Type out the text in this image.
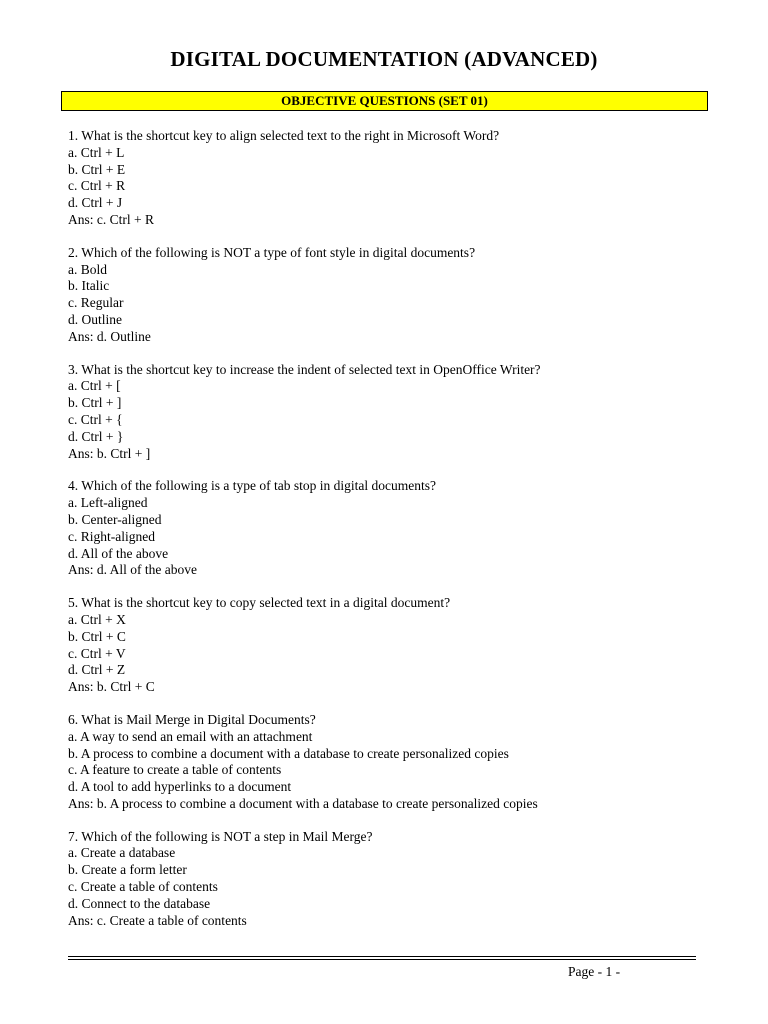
DIGITAL DOCUMENTATION (ADVANCED)
OBJECTIVE QUESTIONS (SET 01)
1. What is the shortcut key to align selected text to the right in Microsoft Word?
a. Ctrl + L
b. Ctrl + E
c. Ctrl + R
d. Ctrl + J
Ans: c. Ctrl + R
2. Which of the following is NOT a type of font style in digital documents?
a. Bold
b. Italic
c. Regular
d. Outline
Ans: d. Outline
3. What is the shortcut key to increase the indent of selected text in OpenOffice Writer?
a. Ctrl + [
b. Ctrl + ]
c. Ctrl + {
d. Ctrl + }
Ans: b. Ctrl + ]
4. Which of the following is a type of tab stop in digital documents?
a. Left-aligned
b. Center-aligned
c. Right-aligned
d. All of the above
Ans: d. All of the above
5. What is the shortcut key to copy selected text in a digital document?
a. Ctrl + X
b. Ctrl + C
c. Ctrl + V
d. Ctrl + Z
Ans: b. Ctrl + C
6. What is Mail Merge in Digital Documents?
a. A way to send an email with an attachment
b. A process to combine a document with a database to create personalized copies
c. A feature to create a table of contents
d. A tool to add hyperlinks to a document
Ans: b. A process to combine a document with a database to create personalized copies
7. Which of the following is NOT a step in Mail Merge?
a. Create a database
b. Create a form letter
c. Create a table of contents
d. Connect to the database
Ans: c. Create a table of contents
Page - 1 -
